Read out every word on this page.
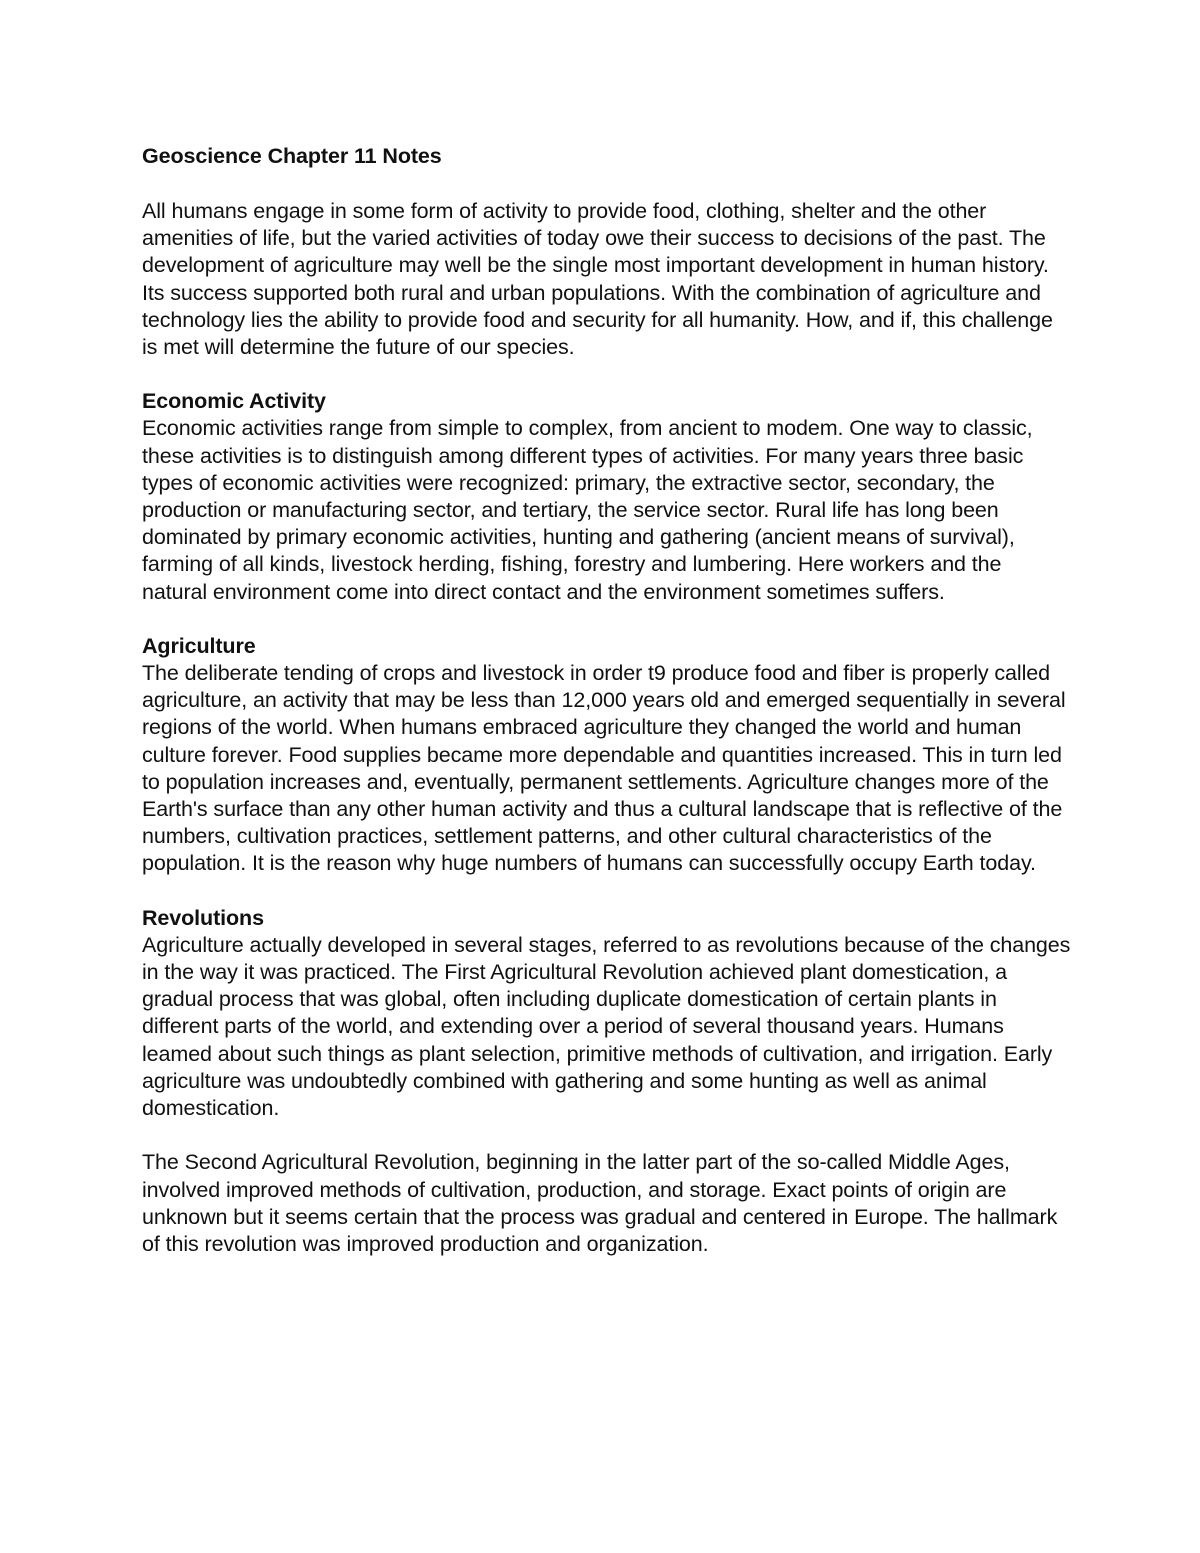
Geoscience Chapter 11 Notes

All humans engage in some form of activity to provide food, clothing, shelter and the other amenities of life, but the varied activities of today owe their success to decisions of the past. The development of agriculture may well be the single most important development in human history. Its success supported both rural and urban populations. With the combination of agriculture and technology lies the ability to provide food and security for all humanity. How, and if, this challenge is met will determine the future of our species.

Economic Activity

Economic activities range from simple to complex, from ancient to modem. One way to classic, these activities is to distinguish among different types of activities. For many years three basic types of economic activities were recognized: primary, the extractive sector, secondary, the production or manufacturing sector, and tertiary, the service sector. Rural life has long been dominated by primary economic activities, hunting and gathering (ancient means of survival), farming of all kinds, livestock herding, fishing, forestry and lumbering. Here workers and the natural environment come into direct contact and the environment sometimes suffers.

Agriculture

The deliberate tending of crops and livestock in order t9 produce food and fiber is properly called agriculture, an activity that may be less than 12,000 years old and emerged sequentially in several regions of the world. When humans embraced agriculture they changed the world and human culture forever. Food supplies became more dependable and quantities increased. This in turn led to population increases and, eventually, permanent settlements. Agriculture changes more of the Earth's surface than any other human activity and thus a cultural landscape that is reflective of the numbers, cultivation practices, settlement patterns, and other cultural characteristics of the population. It is the reason why huge numbers of humans can successfully occupy Earth today.

Revolutions

Agriculture actually developed in several stages, referred to as revolutions because of the changes in the way it was practiced. The First Agricultural Revolution achieved plant domestication, a gradual process that was global, often including duplicate domestication of certain plants in different parts of the world, and extending over a period of several thousand years. Humans leamed about such things as plant selection, primitive methods of cultivation, and irrigation. Early agriculture was undoubtedly combined with gathering and some hunting as well as animal domestication.

The Second Agricultural Revolution, beginning in the latter part of the so-called Middle Ages, involved improved methods of cultivation, production, and storage. Exact points of origin are unknown but it seems certain that the process was gradual and centered in Europe. The hallmark of this revolution was improved production and organization.
